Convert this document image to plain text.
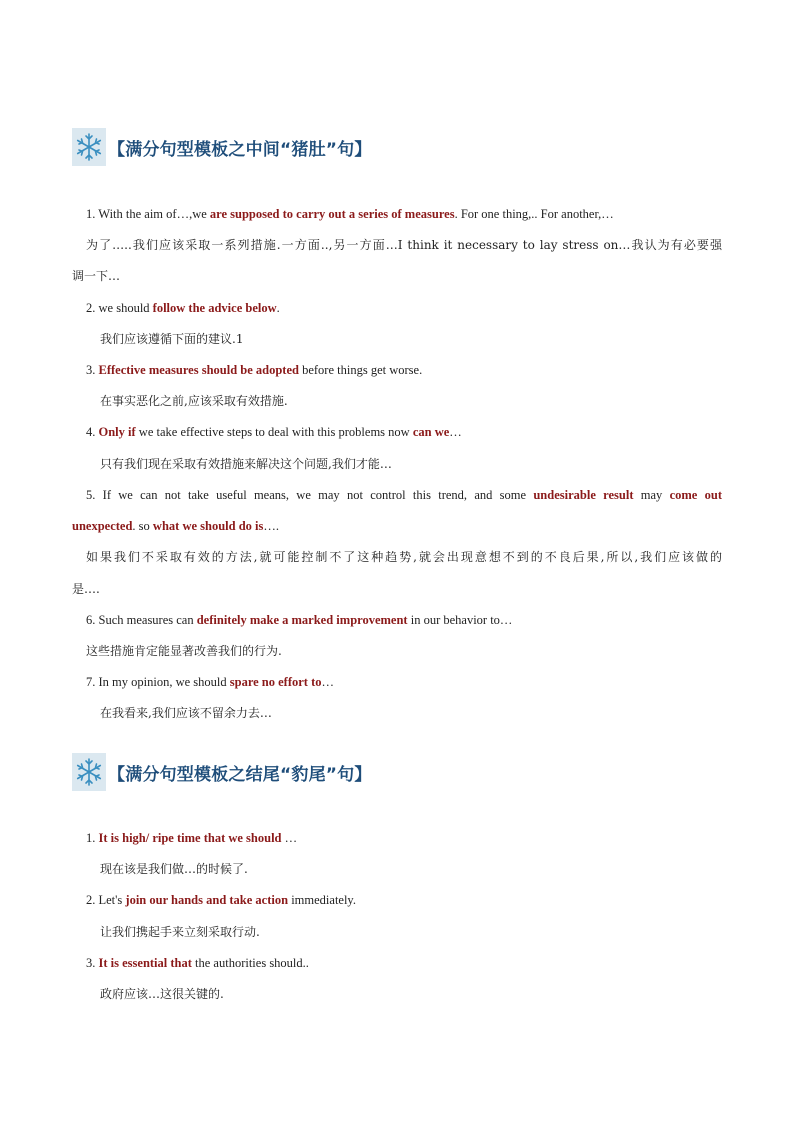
【满分句型模板之中间“猪肚”句】
1. With the aim of…,we are supposed to carry out a series of measures. For one thing,.. For another,…
为了…..我们应该采取一系列措施.一方面..,另一方面…I think it necessary to lay stress on…我认为有必要强
调一下…
2. we should follow the advice below.
我们应该遵循下面的建议.1
3. Effective measures should be adopted before things get worse.
在事实恶化之前,应该采取有效措施.
4. Only if we take effective steps to deal with this problems now can we…
只有我们现在采取有效措施来解决这个问题,我们才能…
5. If we can not take useful means, we may not control this trend, and some undesirable result may come out
unexpected. so what we should do is….
如果我们不采取有效的方法,就可能控制不了这种趋势,就会出现意想不到的不良后果,所以,我们应该做的
是….
6. Such measures can definitely make a marked improvement in our behavior to…
这些措施肯定能显著改善我们的行为.
7. In my opinion, we should spare no effort to…
在我看来,我们应该不留余力去…
【满分句型模板之结尾“豹尾”句】
1. It is high/ ripe time that we should …
现在该是我们做…的时候了.
2. Let's join our hands and take action immediately.
让我们携起手来立刻采取行动.
3. It is essential that the authorities should..
政府应该…这很关键的.
